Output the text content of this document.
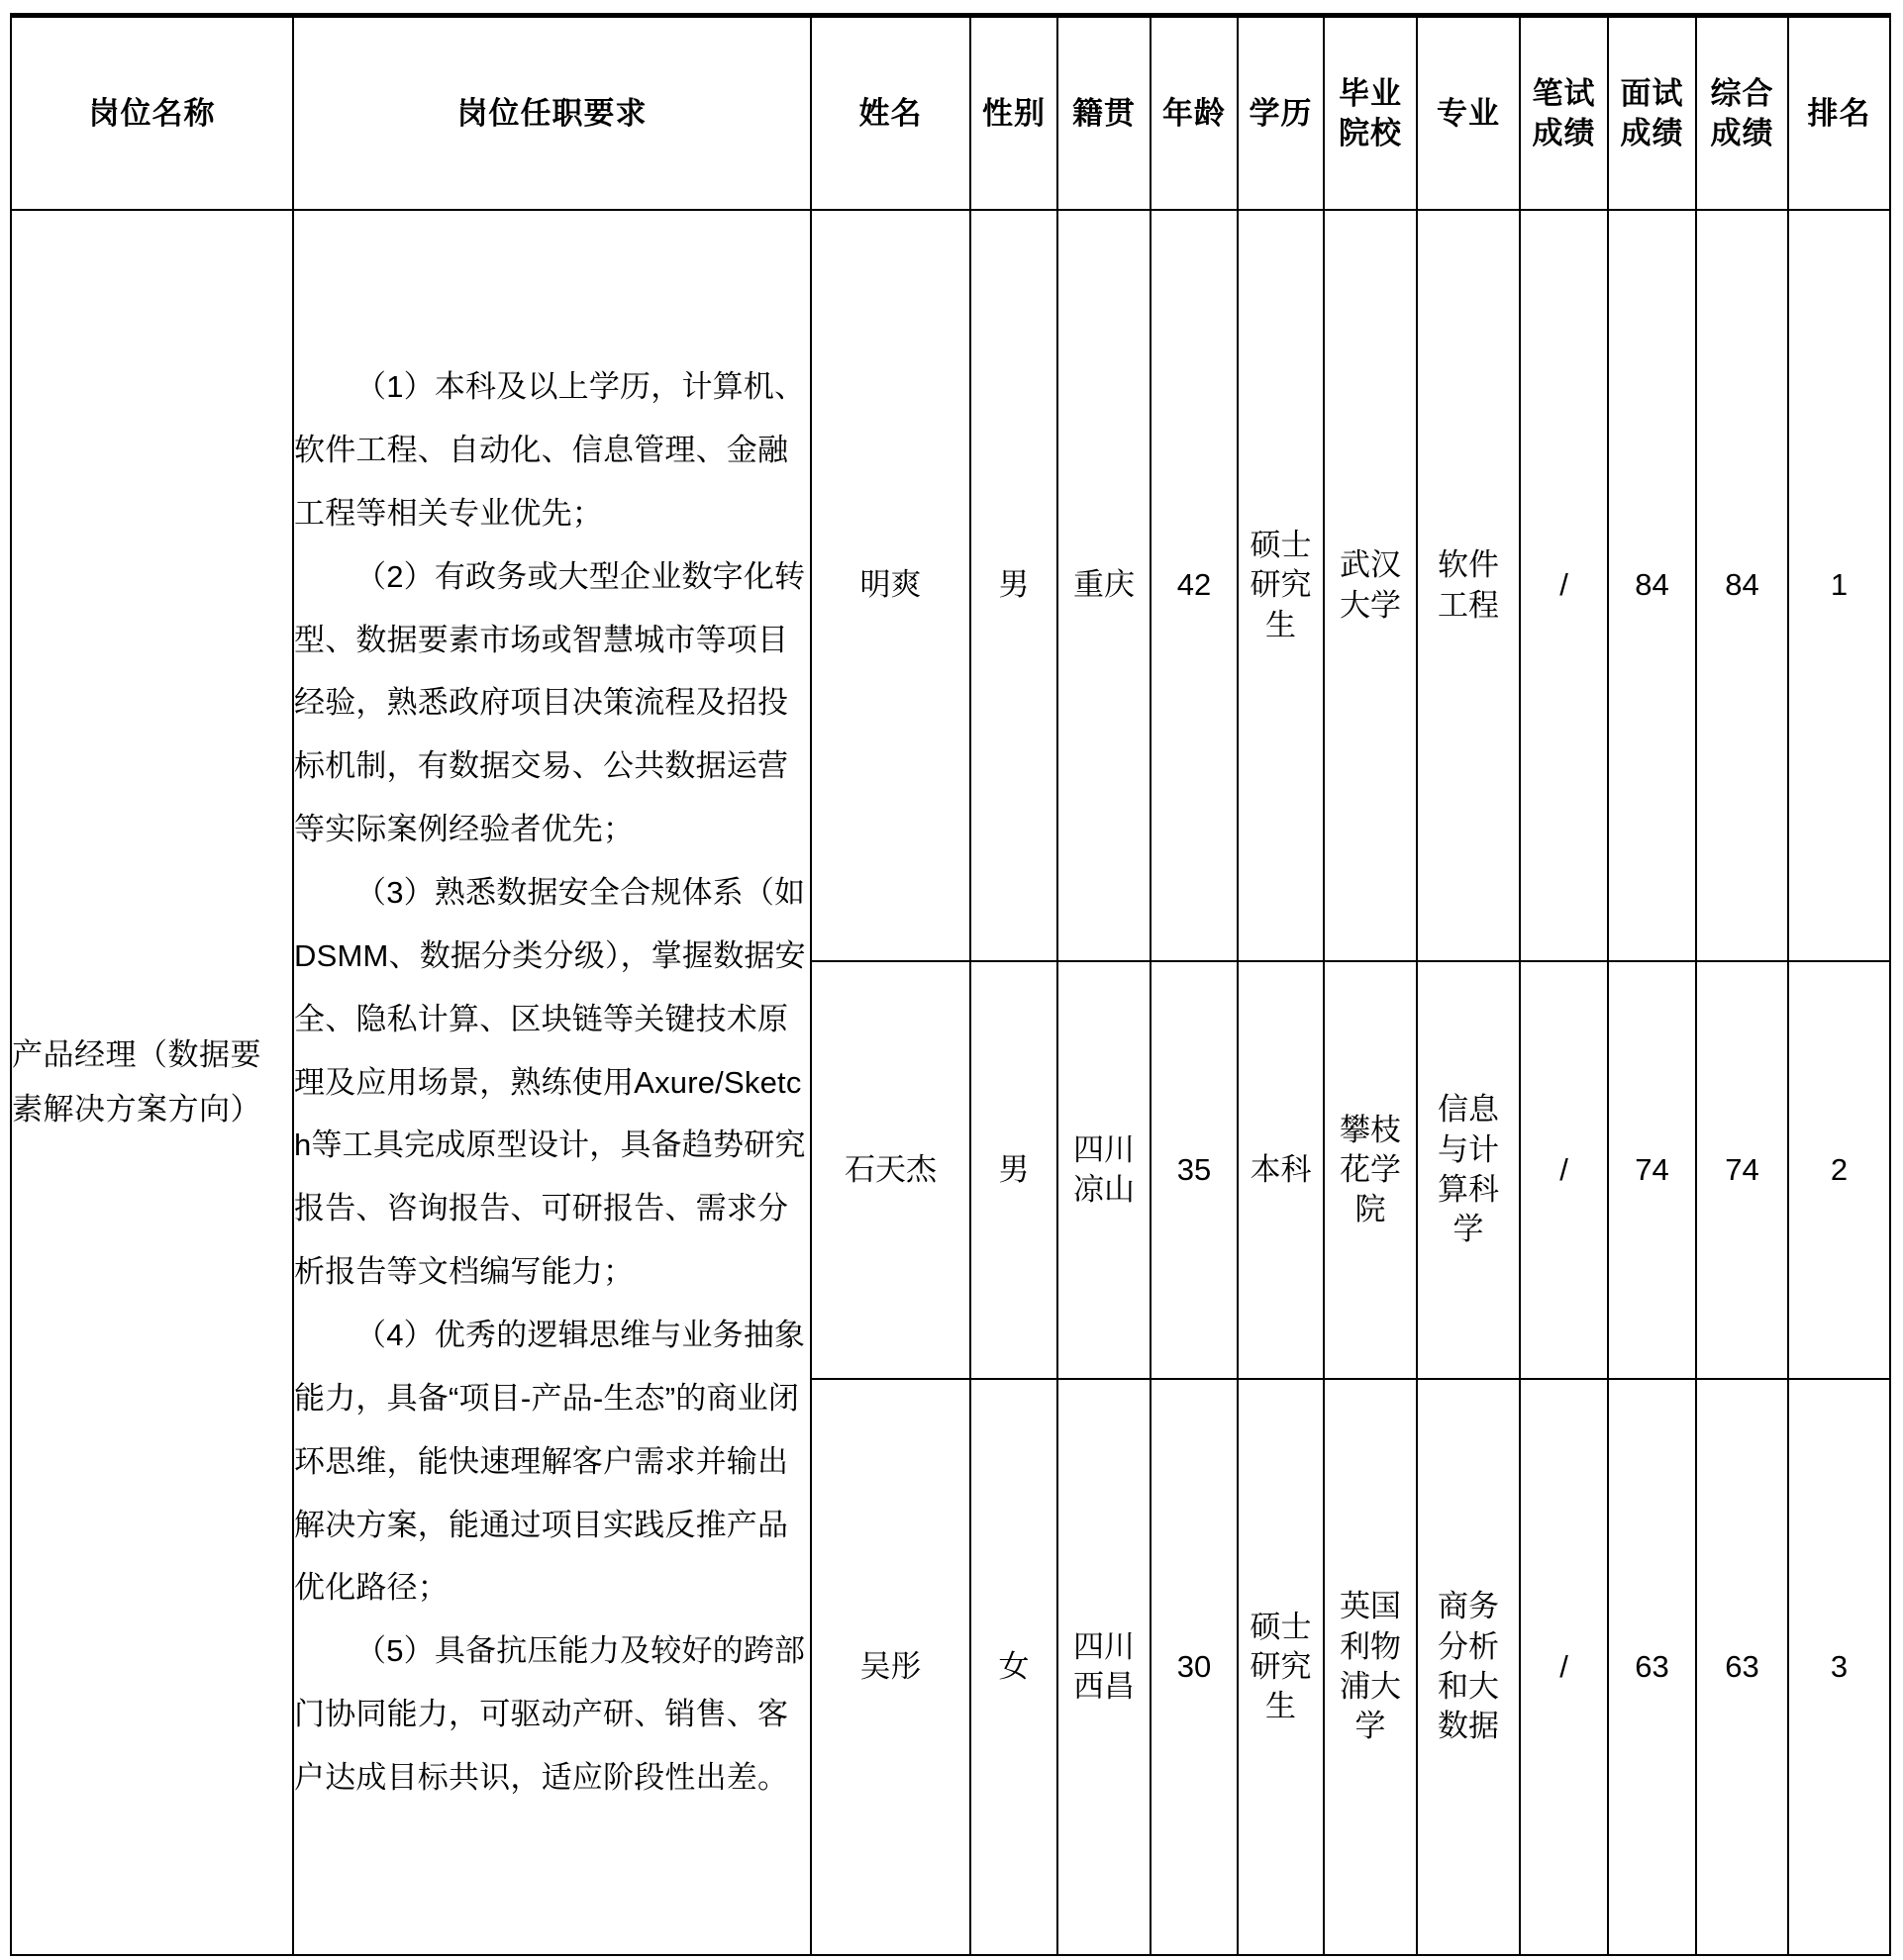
岗位名称	岗位任职要求	姓名	性别	籍贯	年龄	学历	毕业院校	专业	笔试成绩	面试成绩	综合成绩	排名

产品经理（数据要素解决方案方向）	（1）本科及以上学历，计算机、软件工程、自动化、信息管理、金融工程等相关专业优先；

（2）有政务或大型企业数字化转型、数据要素市场或智慧城市等项目经验，熟悉政府项目决策流程及招投标机制，有数据交易、公共数据运营等实际案例经验者优先；

（3）熟悉数据安全合规体系（如DSMM、数据分类分级），掌握数据安全、隐私计算、区块链等关键技术原理及应用场景，熟练使用Axure/Sketch等工具完成原型设计，具备趋势研究报告、咨询报告、可研报告、需求分析报告等文档编写能力；

（4）优秀的逻辑思维与业务抽象能力，具备“项目-产品-生态”的商业闭环思维，能快速理解客户需求并输出解决方案，能通过项目实践反推产品优化路径；

（5）具备抗压能力及较好的跨部门协同能力，可驱动产研、销售、客户达成目标共识，适应阶段性出差。	明爽	男	重庆	42	硕士研究生	武汉大学	软件工程	/	84	84	1

		石天杰	男	四川凉山	35	本科	攀枝花学院	信息与计算科学	/	74	74	2

		吴彤	女	四川西昌	30	硕士研究生	英国利物浦大学	商务分析和大数据	/	63	63	3
